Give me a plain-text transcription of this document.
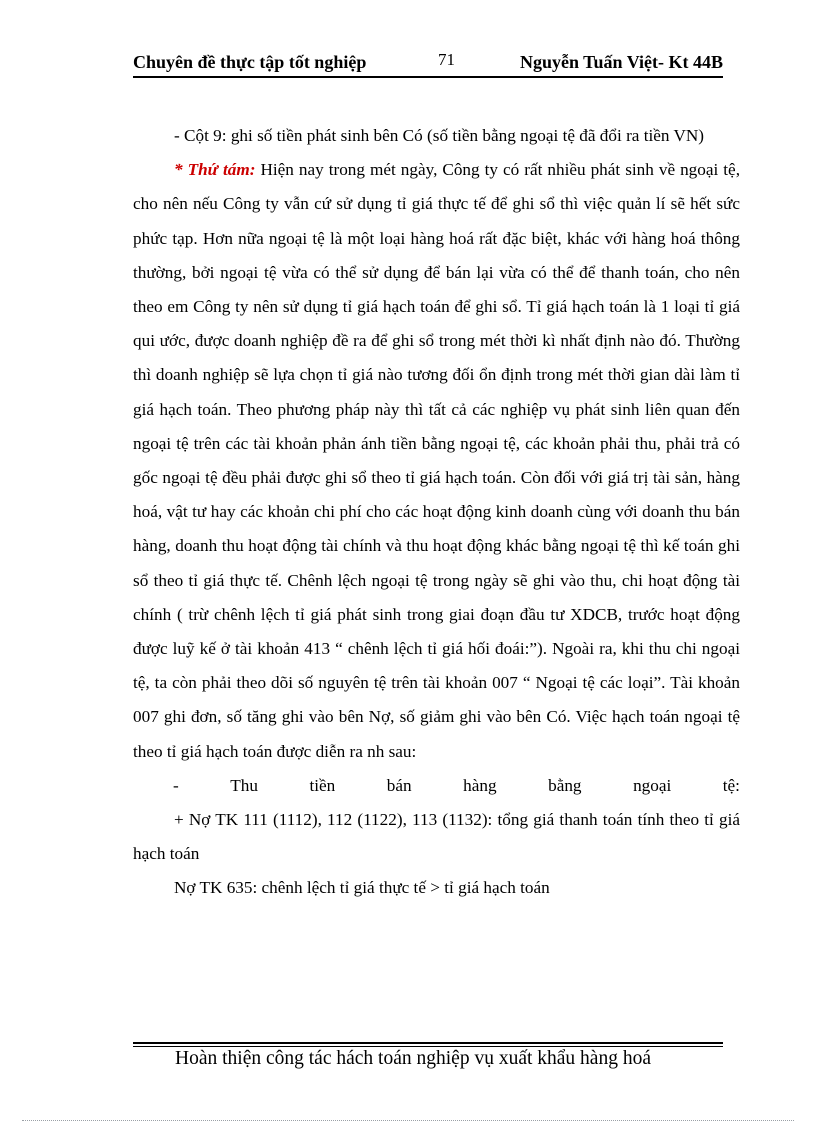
Chuyên đề thực tập tốt nghiệp	71	Nguyễn Tuấn Việt- Kt 44B

- Cột 9: ghi số tiền phát sinh bên Có (số tiền bằng ngoại tệ đã đổi ra tiền VN)

* Thứ tám: Hiện nay trong mét ngày, Công ty có rất nhiều phát sinh về ngoại tệ, cho nên nếu Công ty vẫn cứ sử dụng tỉ giá thực tế để ghi sổ thì việc quản lí sẽ hết sức phức tạp. Hơn nữa ngoại tệ là một loại hàng hoá rất đặc biệt, khác với hàng hoá thông thường, bởi ngoại tệ vừa có thể sử dụng để bán lại vừa có thể để thanh toán, cho nên theo em Công ty nên sử dụng tỉ giá hạch toán để ghi sổ. Tỉ giá hạch toán là 1 loại tỉ giá qui ước, được doanh nghiệp đề ra để ghi sổ trong mét thời kì nhất định nào đó. Thường thì doanh nghiệp sẽ lựa chọn tỉ giá nào tương đối ổn định trong mét thời gian dài làm tỉ giá hạch toán. Theo phương pháp này thì tất cả các nghiệp vụ phát sinh liên quan đến ngoại tệ trên các tài khoản phản ánh tiền bằng ngoại tệ, các khoản phải thu, phải trả có gốc ngoại tệ đều phải được ghi sổ theo tỉ giá hạch toán. Còn đối với giá trị tài sản, hàng hoá, vật tư hay các khoản chi phí cho các hoạt động kinh doanh cùng với doanh thu bán hàng, doanh thu hoạt động tài chính và thu hoạt động khác bằng ngoại tệ thì kế toán ghi sổ theo tỉ giá thực tế. Chênh lệch ngoại tệ trong ngày sẽ ghi vào thu, chi hoạt động tài chính ( trừ chênh lệch tỉ giá phát sinh trong giai đoạn đầu tư XDCB, trước hoạt động được luỹ kế ở tài khoản 413 “ chênh lệch tỉ giá hối đoái:”). Ngoài ra, khi thu chi ngoại tệ, ta còn phải theo dõi số nguyên tệ trên tài khoản 007 “ Ngoại tệ các loại”. Tài khoản 007 ghi đơn, số tăng ghi vào bên Nợ, số giảm ghi vào bên Có. Việc hạch toán ngoại tệ theo tỉ giá hạch toán được diễn ra nh sau:

-	Thu	tiền	bán	hàng	bằng	ngoại	tệ:

+ Nợ TK 111 (1112), 112 (1122), 113 (1132): tổng giá thanh toán tính theo tỉ giá hạch toán

Nợ TK 635: chênh lệch tỉ giá thực tế > tỉ giá hạch toán

Hoàn thiện công tác hách toán nghiệp vụ xuất khẩu hàng hoá
